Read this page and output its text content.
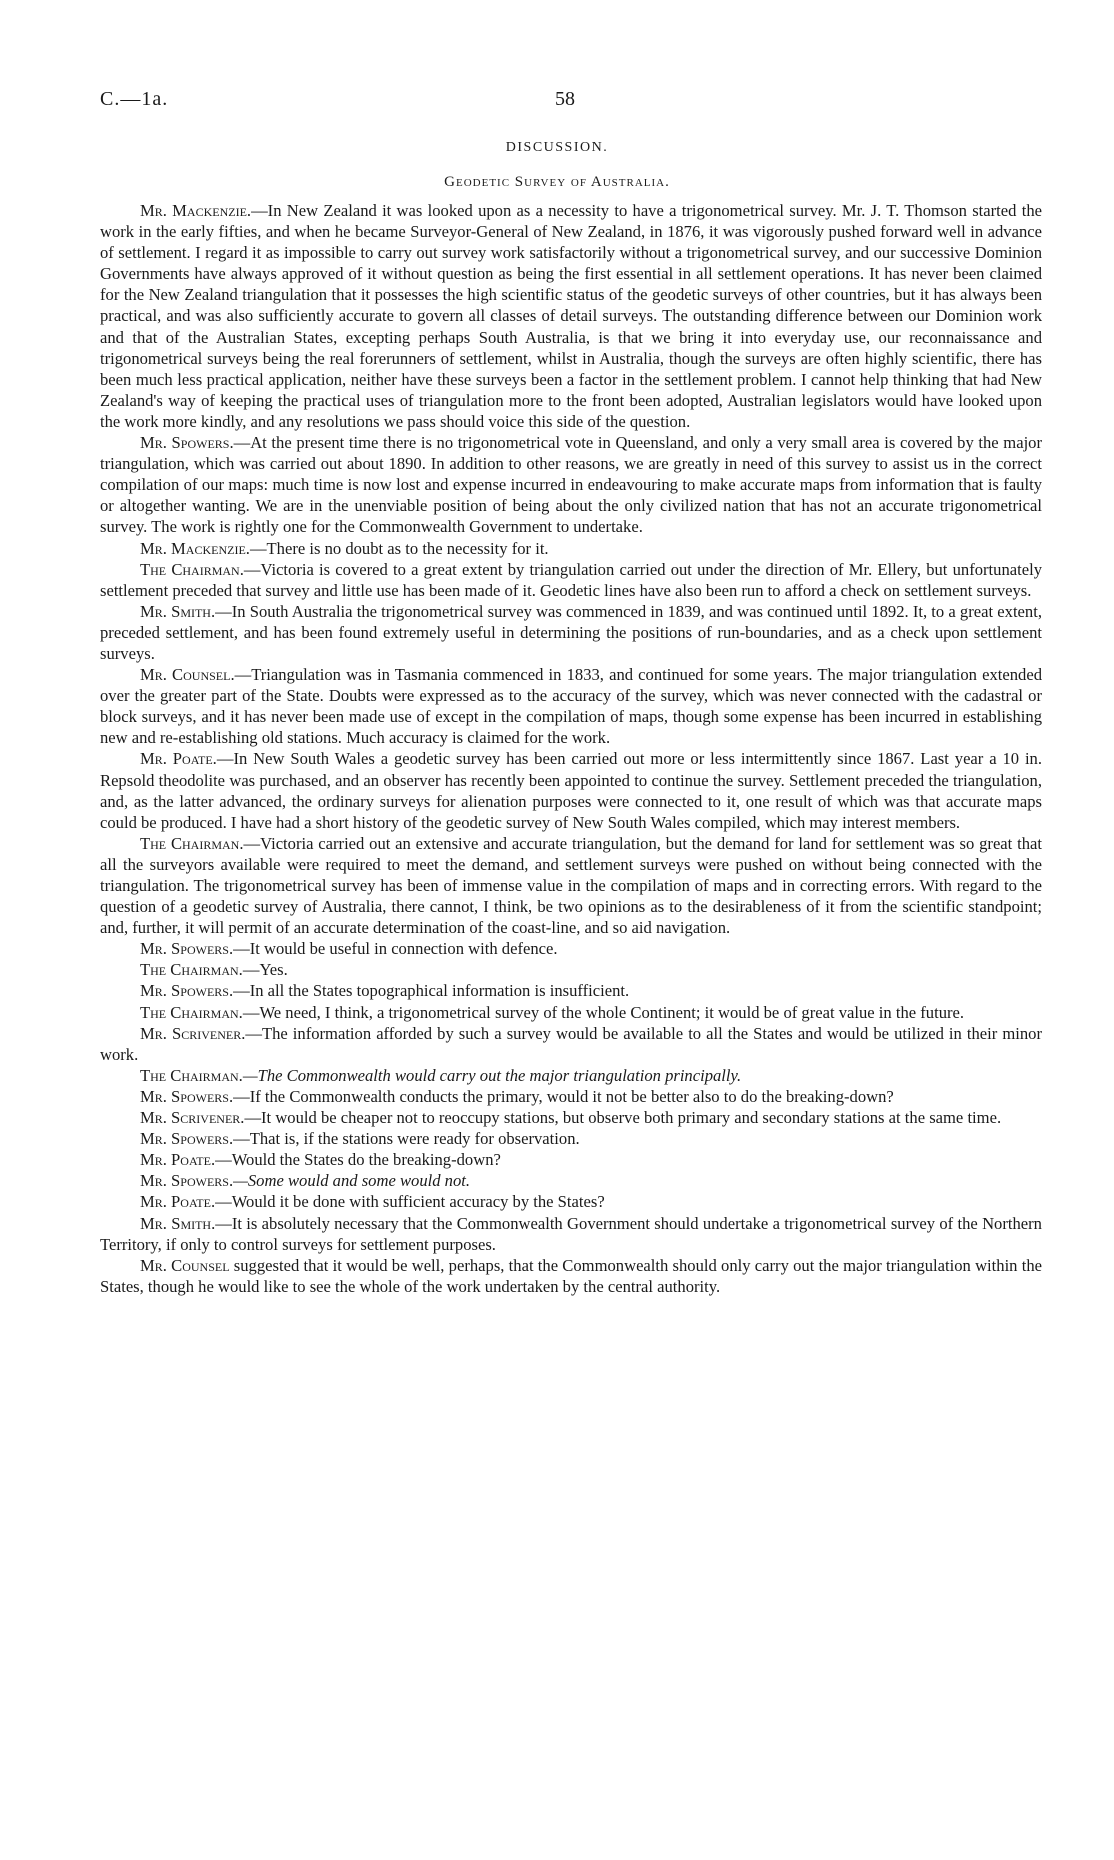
C.—1a.	58
DISCUSSION.
Geodetic Survey of Australia.

Mr. Mackenzie.—In New Zealand it was looked upon as a necessity to have a trigonometrical survey. Mr. J. T. Thomson started the work in the early fifties, and when he became Surveyor-General of New Zealand, in 1876, it was vigorously pushed forward well in advance of settlement. I regard it as impossible to carry out survey work satisfactorily without a trigonometrical survey, and our successive Dominion Governments have always approved of it without question as being the first essential in all settlement operations. It has never been claimed for the New Zealand triangulation that it possesses the high scientific status of the geodetic surveys of other countries, but it has always been practical, and was also sufficiently accurate to govern all classes of detail surveys. The outstanding difference between our Dominion work and that of the Australian States, excepting perhaps South Australia, is that we bring it into everyday use, our reconnaissance and trigonometrical surveys being the real forerunners of settlement, whilst in Australia, though the surveys are often highly scientific, there has been much less practical application, neither have these surveys been a factor in the settlement problem. I cannot help thinking that had New Zealand's way of keeping the practical uses of triangulation more to the front been adopted, Australian legislators would have looked upon the work more kindly, and any resolutions we pass should voice this side of the question.

Mr. Spowers.—At the present time there is no trigonometrical vote in Queensland, and only a very small area is covered by the major triangulation, which was carried out about 1890. In addition to other reasons, we are greatly in need of this survey to assist us in the correct compilation of our maps: much time is now lost and expense incurred in endeavouring to make accurate maps from information that is faulty or altogether wanting. We are in the unenviable position of being about the only civilized nation that has not an accurate trigonometrical survey. The work is rightly one for the Commonwealth Government to undertake.

Mr. Mackenzie.—There is no doubt as to the necessity for it.

The Chairman.—Victoria is covered to a great extent by triangulation carried out under the direction of Mr. Ellery, but unfortunately settlement preceded that survey and little use has been made of it. Geodetic lines have also been run to afford a check on settlement surveys.

Mr. Smith.—In South Australia the trigonometrical survey was commenced in 1839, and was continued until 1892. It, to a great extent, preceded settlement, and has been found extremely useful in determining the positions of run-boundaries, and as a check upon settlement surveys.

Mr. Counsel.—Triangulation was in Tasmania commenced in 1833, and continued for some years. The major triangulation extended over the greater part of the State. Doubts were expressed as to the accuracy of the survey, which was never connected with the cadastral or block surveys, and it has never been made use of except in the compilation of maps, though some expense has been incurred in establishing new and re-establishing old stations. Much accuracy is claimed for the work.

Mr. Poate.—In New South Wales a geodetic survey has been carried out more or less intermittently since 1867. Last year a 10 in. Repsold theodolite was purchased, and an observer has recently been appointed to continue the survey. Settlement preceded the triangulation, and, as the latter advanced, the ordinary surveys for alienation purposes were connected to it, one result of which was that accurate maps could be produced. I have had a short history of the geodetic survey of New South Wales compiled, which may interest members.

The Chairman.—Victoria carried out an extensive and accurate triangulation, but the demand for land for settlement was so great that all the surveyors available were required to meet the demand, and settlement surveys were pushed on without being connected with the triangulation. The trigonometrical survey has been of immense value in the compilation of maps and in correcting errors. With regard to the question of a geodetic survey of Australia, there cannot, I think, be two opinions as to the desirableness of it from the scientific standpoint; and, further, it will permit of an accurate determination of the coast-line, and so aid navigation.

Mr. Spowers.—It would be useful in connection with defence.

The Chairman.—Yes.

Mr. Spowers.—In all the States topographical information is insufficient.

The Chairman.—We need, I think, a trigonometrical survey of the whole Continent; it would be of great value in the future.

Mr. Scrivener.—The information afforded by such a survey would be available to all the States and would be utilized in their minor work.

The Chairman.—The Commonwealth would carry out the major triangulation principally.

Mr. Spowers.—If the Commonwealth conducts the primary, would it not be better also to do the breaking-down?

Mr. Scrivener.—It would be cheaper not to reoccupy stations, but observe both primary and secondary stations at the same time.

Mr. Spowers.—That is, if the stations were ready for observation.

Mr. Poate.—Would the States do the breaking-down?

Mr. Spowers.—Some would and some would not.

Mr. Poate.—Would it be done with sufficient accuracy by the States?

Mr. Smith.—It is absolutely necessary that the Commonwealth Government should undertake a trigonometrical survey of the Northern Territory, if only to control surveys for settlement purposes.

Mr. Counsel suggested that it would be well, perhaps, that the Commonwealth should only carry out the major triangulation within the States, though he would like to see the whole of the work undertaken by the central authority.
